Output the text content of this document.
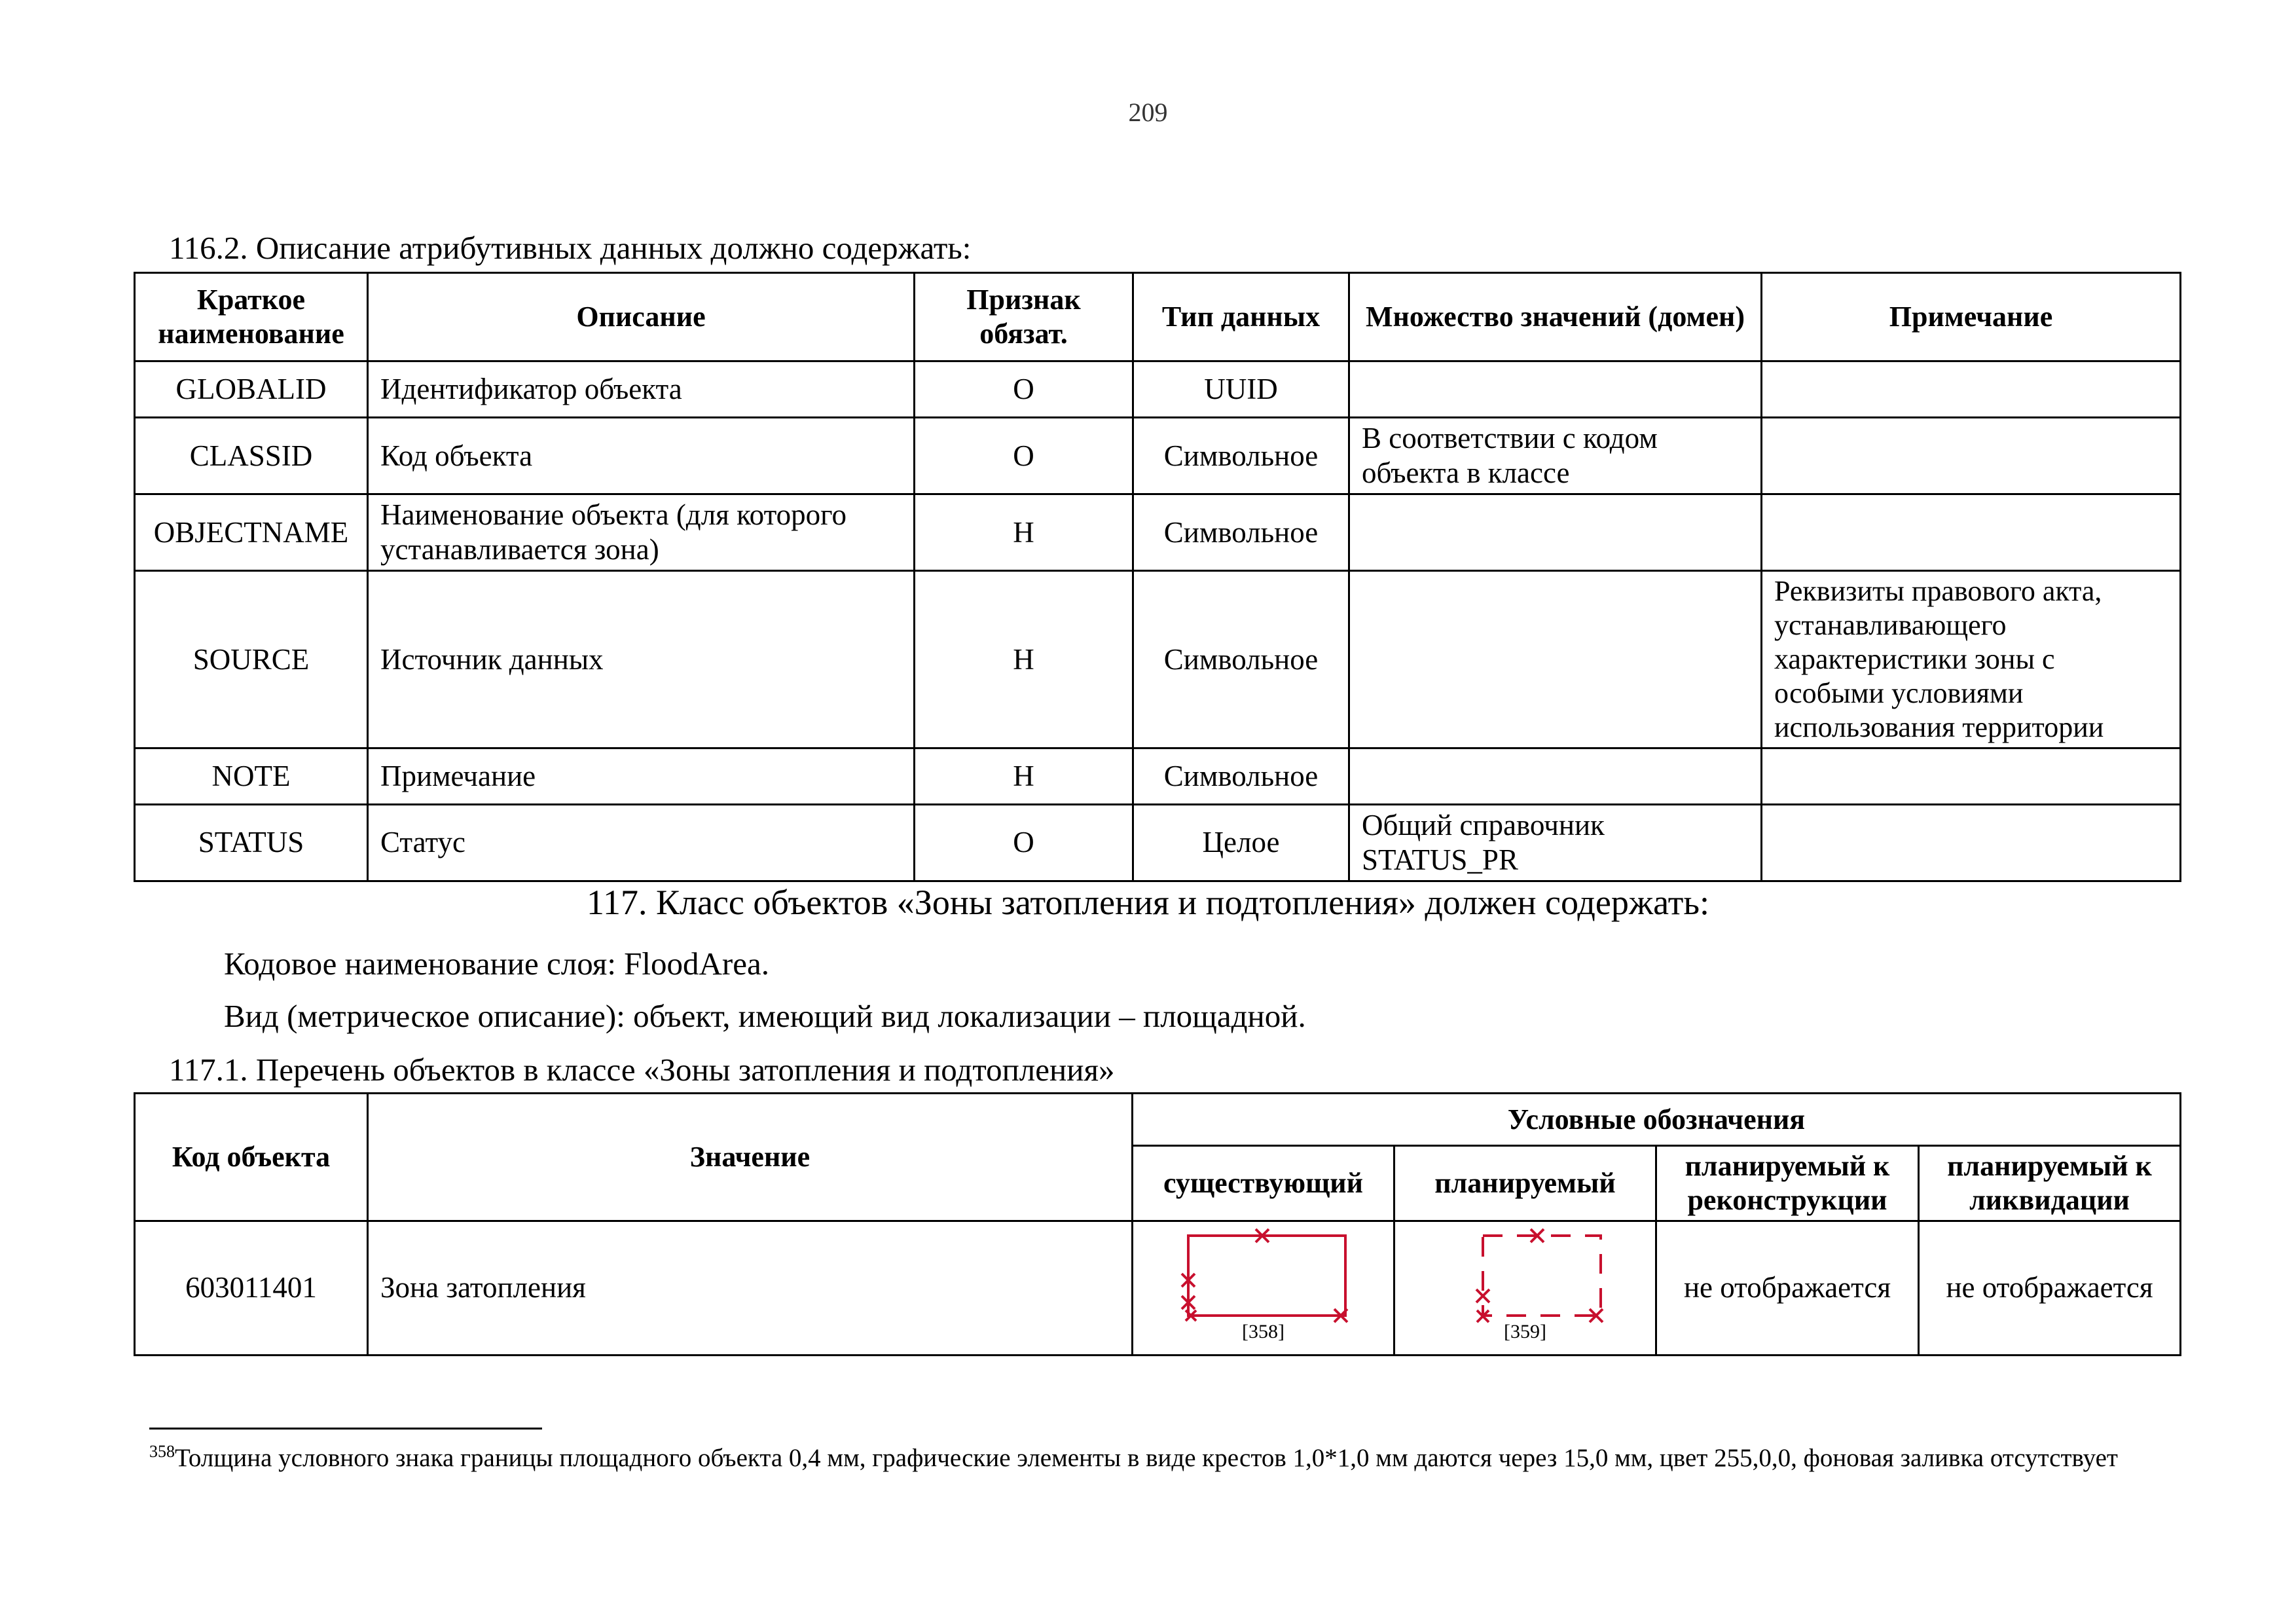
209
116.2. Описание атрибутивных данных должно содержать:
Краткое наименование	Описание	Признак обязат.	Тип данных	Множество значений (домен)	Примечание
GLOBALID	Идентификатор объекта	О	UUID		
CLASSID	Код объекта	О	Символьное	В соответствии с кодом объекта в классе	
OBJECTNAME	Наименование объекта (для которого устанавливается зона)	Н	Символьное		
SOURCE	Источник данных	Н	Символьное		Реквизиты правового акта, устанавливающего характеристики зоны с особыми условиями использования территории
NOTE	Примечание	Н	Символьное		
STATUS	Статус	О	Целое	Общий справочник STATUS_PR	
117. Класс объектов «Зоны затопления и подтопления» должен содержать:
Кодовое наименование слоя: FloodArea.
Вид (метрическое описание): объект, имеющий вид локализации – площадной.
117.1. Перечень объектов в классе «Зоны затопления и подтопления»
Код объекта	Значение	Условные обозначения			
		существующий	планируемый	планируемый к реконструкции	планируемый к ликвидации
603011401	Зона затопления	[358]	[359]	не отображается	не отображается
$^{358}$Толщина условного знака границы площадного объекта 0,4 мм, графические элементы в виде крестов 1,0*1,0 мм даются через 15,0 мм, цвет 255,0,0, фоновая заливка отсутствует
